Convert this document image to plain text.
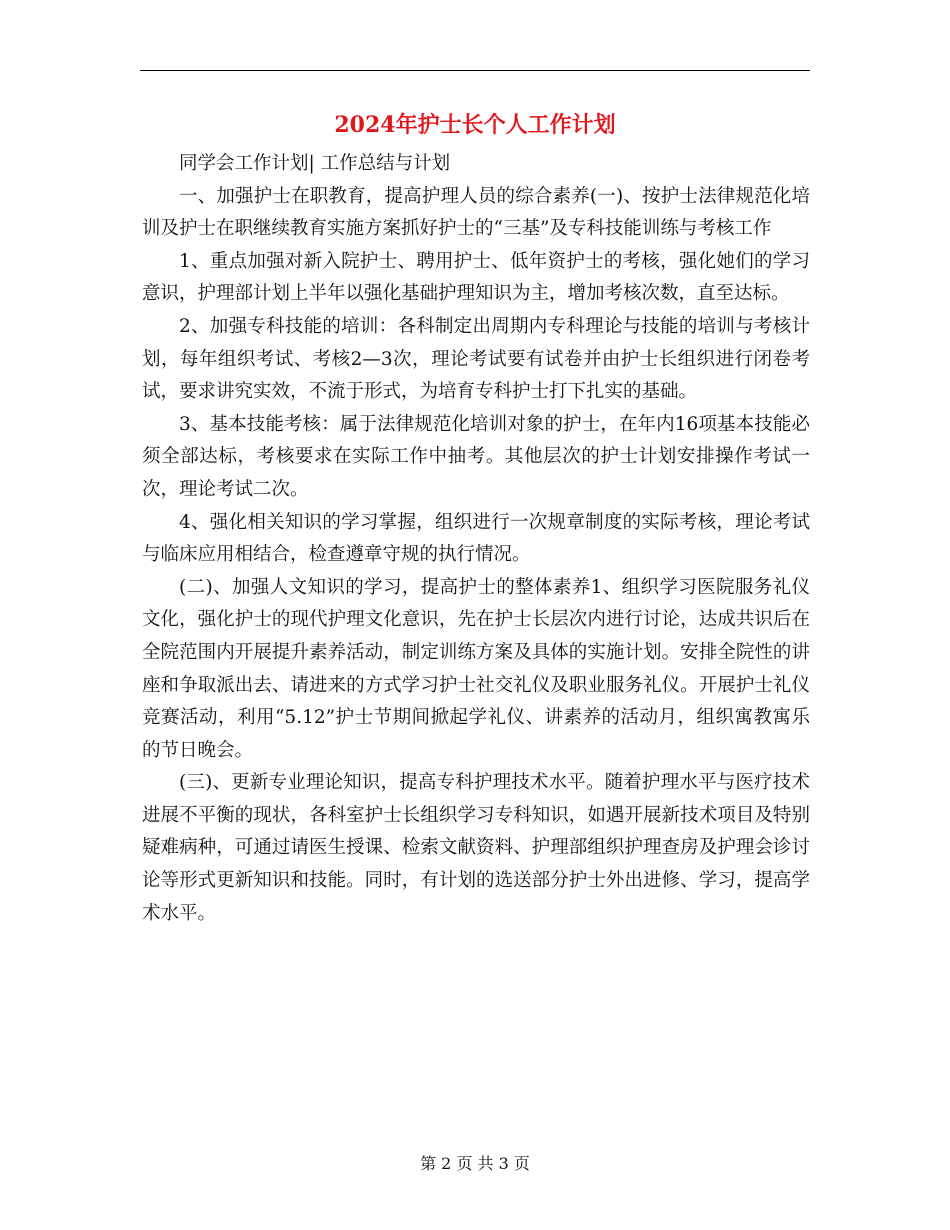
2024年护士长个人工作计划

同学会工作计划| 工作总结与计划

一、加强护士在职教育，提高护理人员的综合素养(一)、按护士法律规范化培训及护士在职继续教育实施方案抓好护士的“三基”及专科技能训练与考核工作

1、重点加强对新入院护士、聘用护士、低年资护士的考核，强化她们的学习意识，护理部计划上半年以强化基础护理知识为主，增加考核次数，直至达标。

2、加强专科技能的培训：各科制定出周期内专科理论与技能的培训与考核计划，每年组织考试、考核2—3次，理论考试要有试卷并由护士长组织进行闭卷考试，要求讲究实效，不流于形式，为培育专科护士打下扎实的基础。

3、基本技能考核：属于法律规范化培训对象的护士，在年内16项基本技能必须全部达标，考核要求在实际工作中抽考。其他层次的护士计划安排操作考试一次，理论考试二次。

4、强化相关知识的学习掌握，组织进行一次规章制度的实际考核，理论考试与临床应用相结合，检查遵章守规的执行情况。

(二)、加强人文知识的学习，提高护士的整体素养1、组织学习医院服务礼仪文化，强化护士的现代护理文化意识，先在护士长层次内进行讨论，达成共识后在全院范围内开展提升素养活动，制定训练方案及具体的实施计划。安排全院性的讲座和争取派出去、请进来的方式学习护士社交礼仪及职业服务礼仪。开展护士礼仪竞赛活动，利用“5.12”护士节期间掀起学礼仪、讲素养的活动月，组织寓教寓乐的节日晚会。

(三)、更新专业理论知识，提高专科护理技术水平。随着护理水平与医疗技术进展不平衡的现状，各科室护士长组织学习专科知识，如遇开展新技术项目及特别疑难病种，可通过请医生授课、检索文献资料、护理部组织护理查房及护理会诊讨论等形式更新知识和技能。同时，有计划的选送部分护士外出进修、学习，提高学术水平。

第 2 页 共 3 页
